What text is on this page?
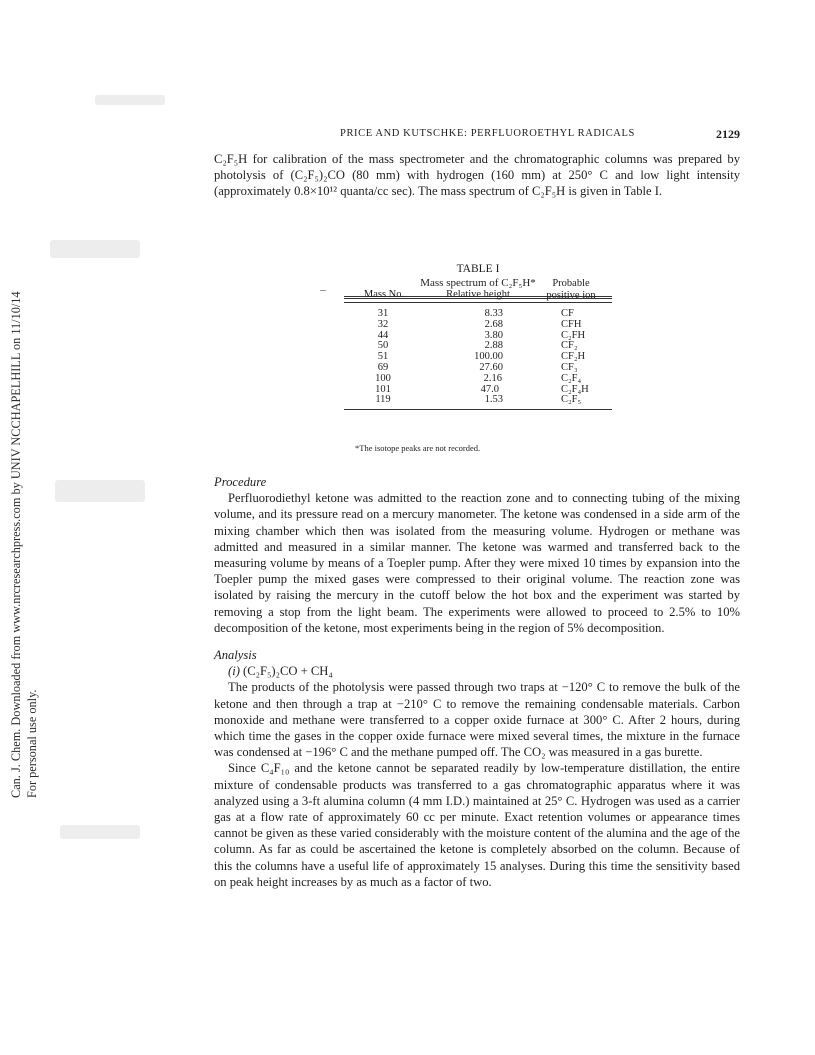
Can. J. Chem. Downloaded from www.nrcresearchpress.com by UNIV NCCHAPELHILL on 11/10/14 For personal use only.
PRICE AND KUTSCHKE: PERFLUOROETHYL RADICALS	2129

C₂F₅H for calibration of the mass spectrometer and the chromatographic columns was prepared by photolysis of (C₂F₅)₂CO (80 mm) with hydrogen (160 mm) at 250° C and low light intensity (approximately 0.8×10¹² quanta/cc sec). The mass spectrum of C₂F₅H is given in Table I.

TABLE I
Mass spectrum of C₂F₅H*
Mass No.	Relative height
Probable
positive ion
31
32
44
50
51
69
100
101
119
8.33
2.68
3.80
2.88
100.00
27.60
2.16
47.0
1.53
CF
CFH
C₂FH
CF₂
CF₂H
CF₃
C₂F₄
C₂F₄H
C₂F₅
*The isotope peaks are not recorded.

Procedure

Perfluorodiethyl ketone was admitted to the reaction zone and to connecting tubing of the mixing volume, and its pressure read on a mercury manometer. The ketone was condensed in a side arm of the mixing chamber which then was isolated from the measuring volume. Hydrogen or methane was admitted and measured in a similar manner. The ketone was warmed and transferred back to the measuring volume by means of a Toepler pump. After they were mixed 10 times by expansion into the Toepler pump the mixed gases were compressed to their original volume. The reaction zone was isolated by raising the mercury in the cutoff below the hot box and the experiment was started by removing a stop from the light beam. The experiments were allowed to proceed to 2.5% to 10% decomposition of the ketone, most experiments being in the region of 5% decomposition.

Analysis

(i) (C₂F₅)₂CO + CH₄

The products of the photolysis were passed through two traps at −120° C to remove the bulk of the ketone and then through a trap at −210° C to remove the remaining condensable materials. Carbon monoxide and methane were transferred to a copper oxide furnace at 300° C. After 2 hours, during which time the gases in the copper oxide furnace were mixed several times, the mixture in the furnace was condensed at −196° C and the methane pumped off. The CO₂ was measured in a gas burette.

Since C₄F₁₀ and the ketone cannot be separated readily by low-temperature distillation, the entire mixture of condensable products was transferred to a gas chromatographic apparatus where it was analyzed using a 3-ft alumina column (4 mm I.D.) maintained at 25° C. Hydrogen was used as a carrier gas at a flow rate of approximately 60 cc per minute. Exact retention volumes or appearance times cannot be given as these varied considerably with the moisture content of the alumina and the age of the column. As far as could be ascertained the ketone is completely absorbed on the column. Because of this the columns have a useful life of approximately 15 analyses. During this time the sensitivity based on peak height increases by as much as a factor of two.
